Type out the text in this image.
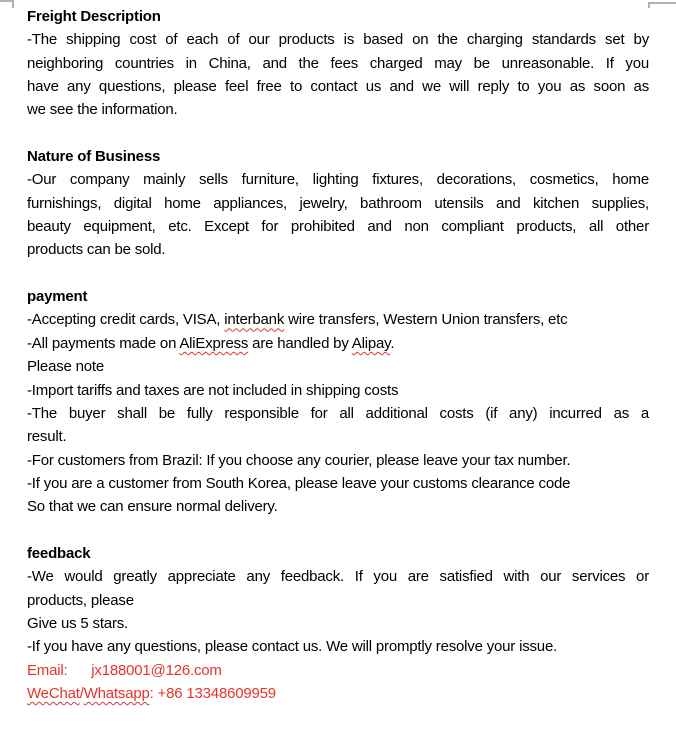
Freight Description
-The shipping cost of each of our products is based on the charging standards set by
neighboring countries in China, and the fees charged may be unreasonable. If you
have any questions, please feel free to contact us and we will reply to you as soon as
we see the information.
Nature of Business
-Our company mainly sells furniture, lighting fixtures, decorations, cosmetics, home
furnishings, digital home appliances, jewelry, bathroom utensils and kitchen supplies,
beauty equipment, etc. Except for prohibited and non compliant products, all other
products can be sold.
payment
-Accepting credit cards, VISA, interbank wire transfers, Western Union transfers, etc
-All payments made on AliExpress are handled by Alipay.
Please note
-Import tariffs and taxes are not included in shipping costs
-The buyer shall be fully responsible for all additional costs (if any) incurred as a
result.
-For customers from Brazil: If you choose any courier, please leave your tax number.
-If you are a customer from South Korea, please leave your customs clearance code
So that we can ensure normal delivery.
feedback
-We would greatly appreciate any feedback. If you are satisfied with our services or
products, please
Give us 5 stars.
-If you have any questions, please contact us. We will promptly resolve your issue.
Email:      jx188001@126.com
WeChat/Whatsapp: +86 13348609959
